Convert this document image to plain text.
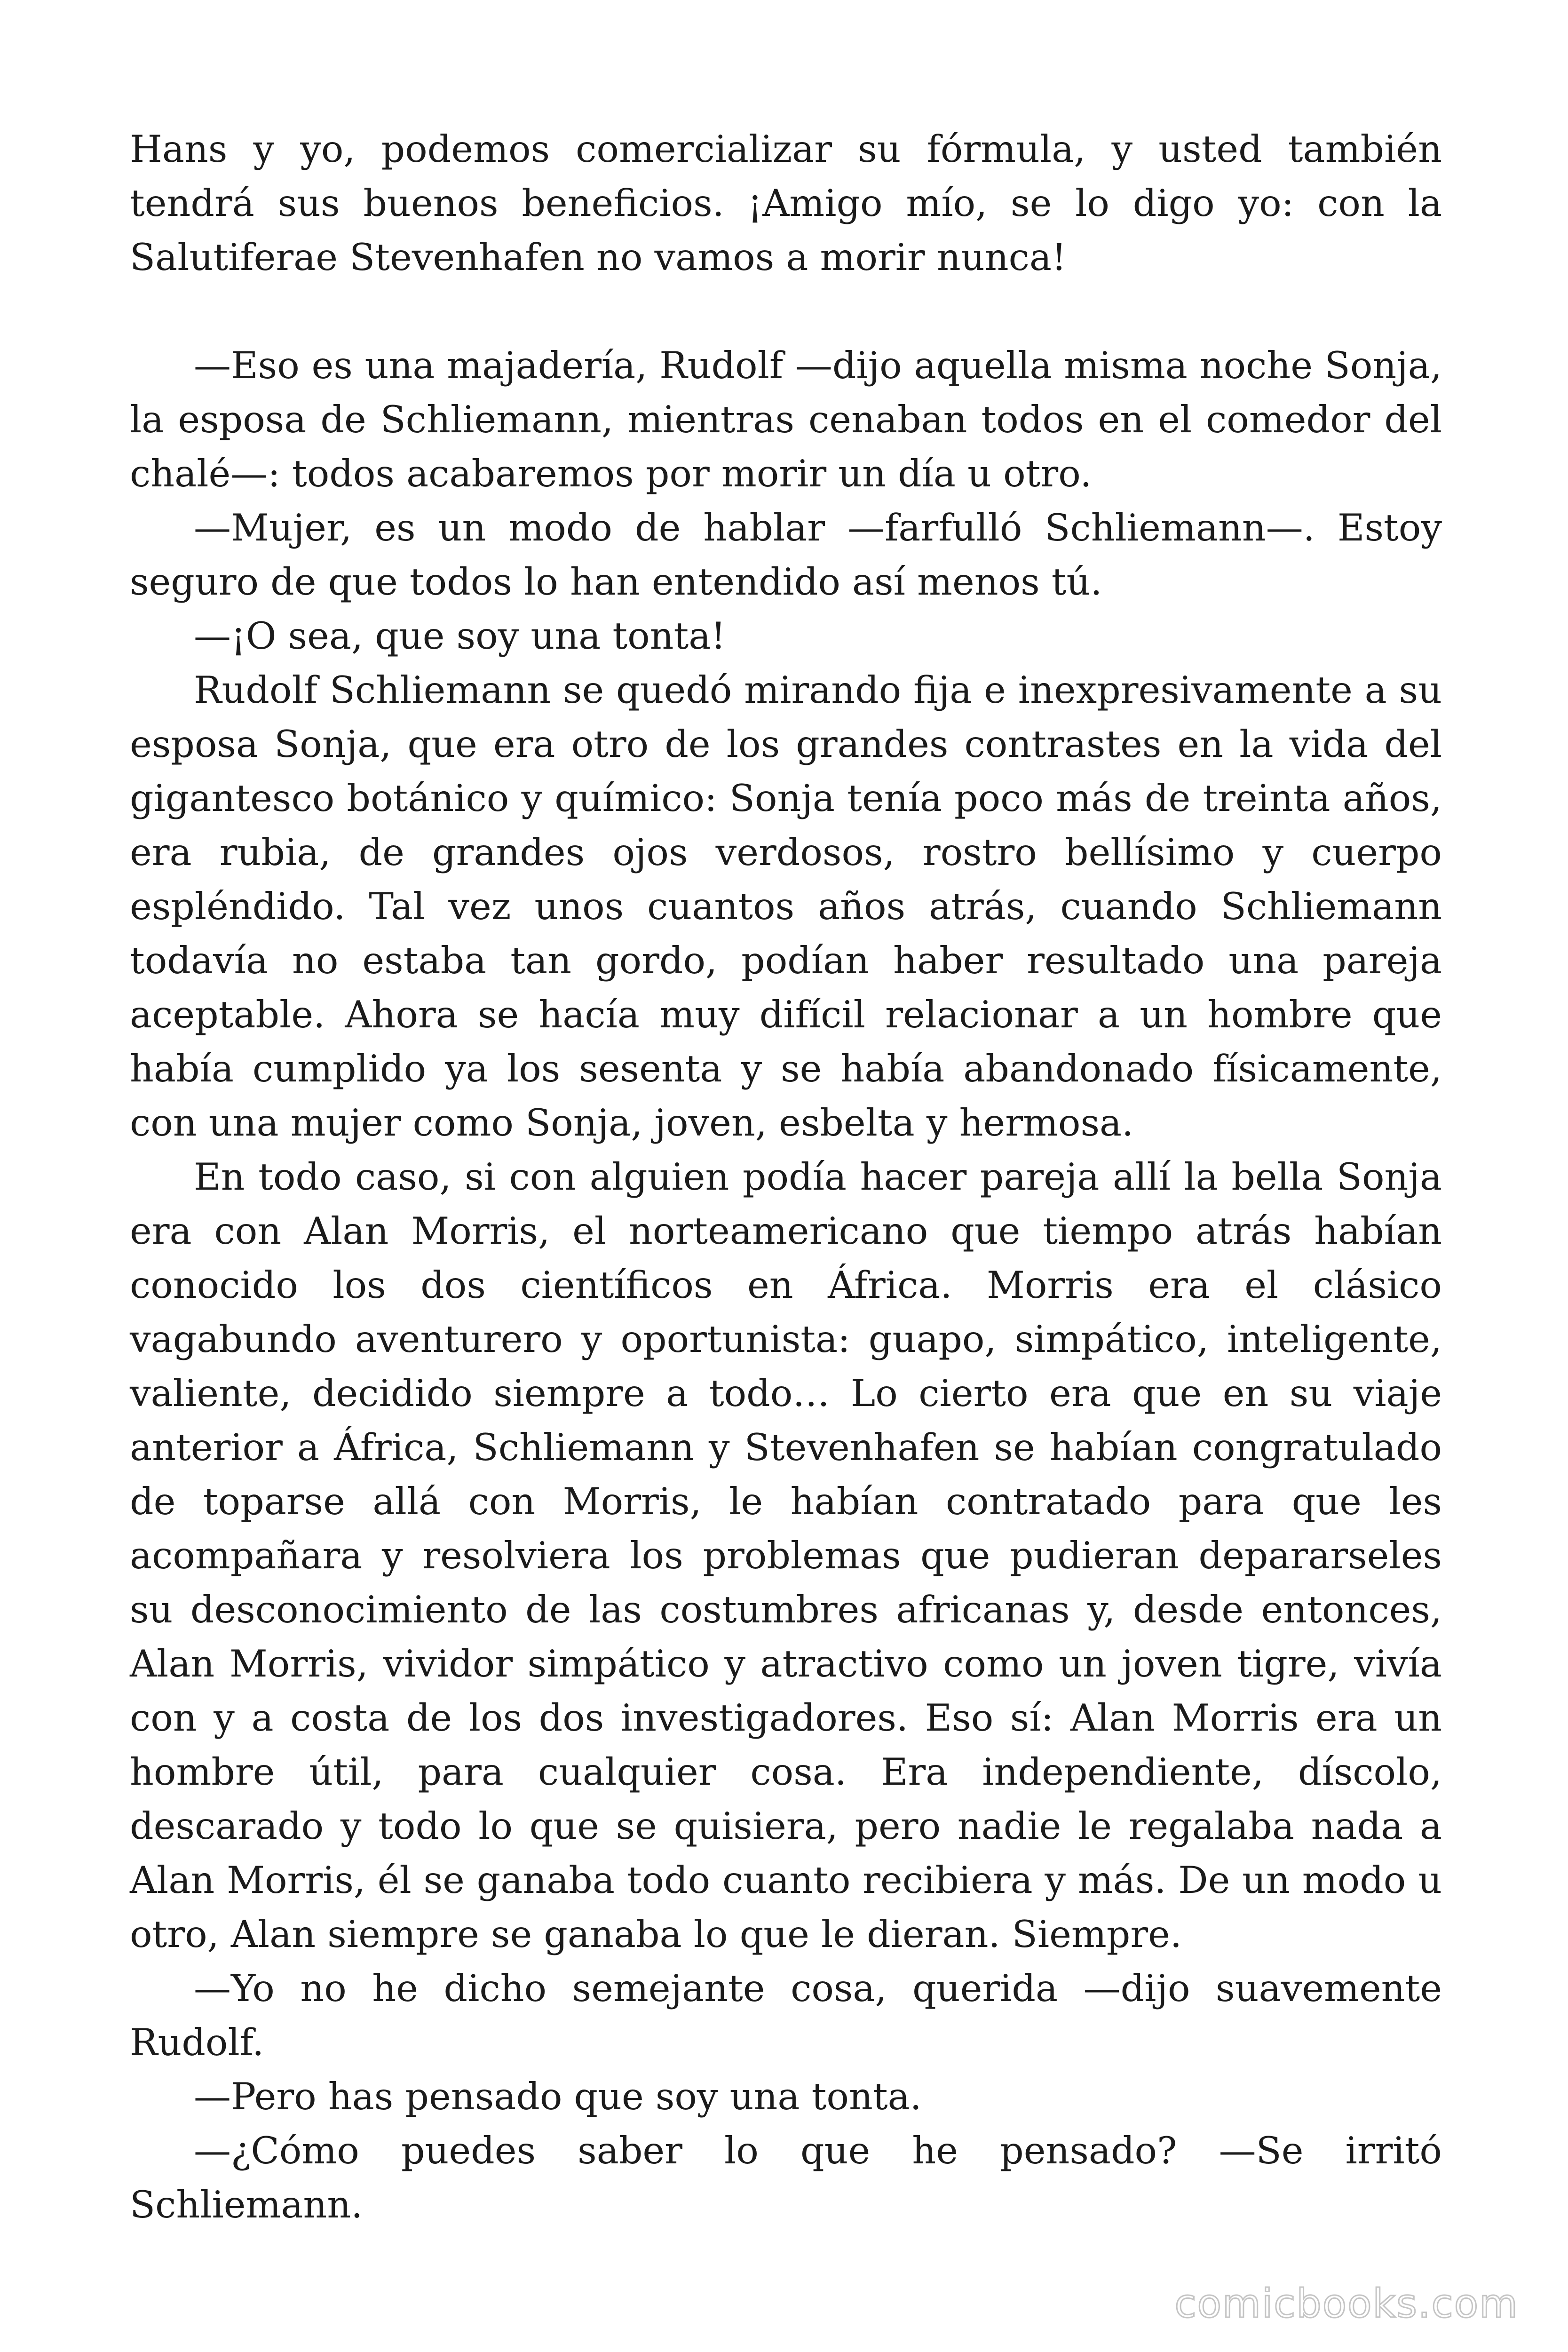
Hans y yo, podemos comercializar su fórmula, y usted también tendrá sus buenos beneficios. ¡Amigo mío, se lo digo yo: con la Salutiferae Stevenhafen no vamos a morir nunca!

—Eso es una majadería, Rudolf —dijo aquella misma noche Sonja, la esposa de Schliemann, mientras cenaban todos en el comedor del chalé—: todos acabaremos por morir un día u otro.

—Mujer, es un modo de hablar —farfulló Schliemann—. Estoy seguro de que todos lo han entendido así menos tú.

—¡O sea, que soy una tonta!

Rudolf Schliemann se quedó mirando fija e inexpresivamente a su esposa Sonja, que era otro de los grandes contrastes en la vida del gigantesco botánico y químico: Sonja tenía poco más de treinta años, era rubia, de grandes ojos verdosos, rostro bellísimo y cuerpo espléndido. Tal vez unos cuantos años atrás, cuando Schliemann todavía no estaba tan gordo, podían haber resultado una pareja aceptable. Ahora se hacía muy difícil relacionar a un hombre que había cumplido ya los sesenta y se había abandonado físicamente, con una mujer como Sonja, joven, esbelta y hermosa.

En todo caso, si con alguien podía hacer pareja allí la bella Sonja era con Alan Morris, el norteamericano que tiempo atrás habían conocido los dos científicos en África. Morris era el clásico vagabundo aventurero y oportunista: guapo, simpático, inteligente, valiente, decidido siempre a todo… Lo cierto era que en su viaje anterior a África, Schliemann y Stevenhafen se habían congratulado de toparse allá con Morris, le habían contratado para que les acompañara y resolviera los problemas que pudieran depararseles su desconocimiento de las costumbres africanas y, desde entonces, Alan Morris, vividor simpático y atractivo como un joven tigre, vivía con y a costa de los dos investigadores. Eso sí: Alan Morris era un hombre útil, para cualquier cosa. Era independiente, díscolo, descarado y todo lo que se quisiera, pero nadie le regalaba nada a Alan Morris, él se ganaba todo cuanto recibiera y más. De un modo u otro, Alan siempre se ganaba lo que le dieran. Siempre.

—Yo no he dicho semejante cosa, querida —dijo suavemente Rudolf.

—Pero has pensado que soy una tonta.

—¿Cómo puedes saber lo que he pensado? —Se irritó Schliemann.

comicbooks.com
